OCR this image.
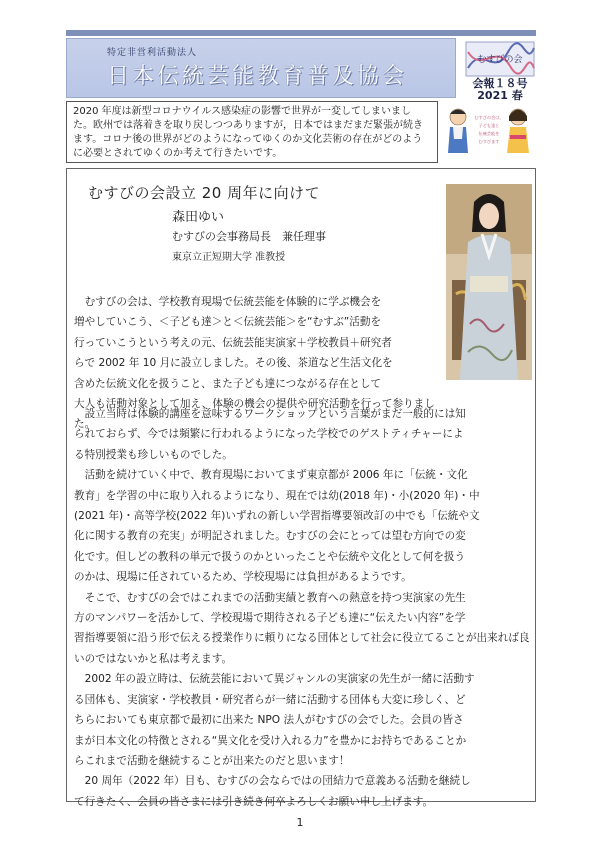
特定非営利活動法人
日本伝統芸能教育普及協会
むすびの会
会報１８号
2021 春
2020 年度は新型コロナウイルス感染症の影響で世界が一変してしまいました。欧州では落着きを取り戻しつつありますが，日本ではまだまだ緊張が続きます。コロナ後の世界がどのようになってゆくのか文化芸術の存在がどのように必要とされてゆくのか考えて行きたいです。
むすびの会は、
子ども達と
伝統芸能を
むすびます
むすびの会設立 20 周年に向けて
森田ゆい
むすびの会事務局長　兼任理事
東京立正短期大学 准教授
　むすびの会は、学校教育現場で伝統芸能を体験的に学ぶ機会を
増やしていこう、＜子ども達＞と＜伝統芸能＞を“むすぶ”活動を
行っていこうという考えの元、伝統芸能実演家＋学校教員＋研究者
らで 2002 年 10 月に設立しました。その後、茶道など生活文化を
含めた伝統文化を扱うこと、また子ども達につながる存在として
大人も活動対象として加え、体験の機会の提供や研究活動を行って参りました。
　設立当時は体験的講座を意味するワークショップという言葉がまだ一般的には知
られておらず、今では頻繁に行われるようになった学校でのゲストティチャーによ
る特別授業も珍しいものでした。
　活動を続けていく中で、教育現場においてまず東京都が 2006 年に「伝統・文化
教育」を学習の中に取り入れるようになり、現在では幼(2018 年)・小(2020 年)・中
(2021 年)・高等学校(2022 年)いずれの新しい学習指導要領改訂の中でも「伝統や文
化に関する教育の充実」が明記されました。むすびの会にとっては望む方向での変
化です。但しどの教科の単元で扱うのかといったことや伝統や文化として何を扱う
のかは、現場に任されているため、学校現場には負担があるようです。
　そこで、むすびの会ではこれまでの活動実績と教育への熱意を持つ実演家の先生
方のマンパワーを活かして、学校現場で期待される子ども達に“伝えたい内容”を学
習指導要領に沿う形で伝える授業作りに頼りになる団体として社会に役立てることが出来れば良いのではないかと私は考えます。
　2002 年の設立時は、伝統芸能において異ジャンルの実演家の先生が一緒に活動す
る団体も、実演家・学校教員・研究者らが一緒に活動する団体も大変に珍しく、ど
ちらにおいても東京都で最初に出来た NPO 法人がむすびの会でした。会員の皆さ
まが日本文化の特徴とされる“異文化を受け入れる力”を豊かにお持ちであることか
らこれまで活動を継続することが出来たのだと思います！
　20 周年（2022 年）目も、むすびの会ならではの団結力で意義ある活動を継続し
て行きたく、会員の皆さまには引き続き何卒よろしくお願い申し上げます。
1
